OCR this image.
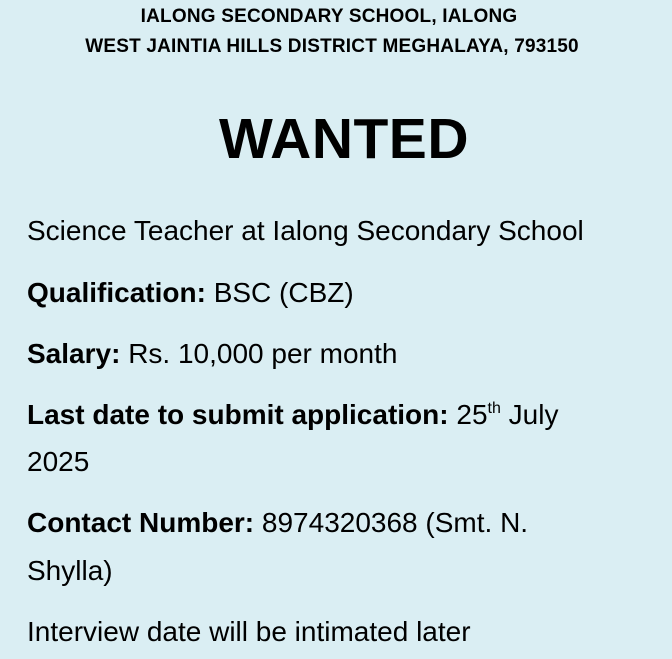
IALONG SECONDARY SCHOOL, IALONG
WEST JAINTIA HILLS DISTRICT MEGHALAYA, 793150
WANTED
Science Teacher at Ialong Secondary School
Qualification: BSC (CBZ)
Salary: Rs. 10,000 per month
Last date to submit application: 25th July
2025
Contact Number: 8974320368 (Smt. N.
Shylla)
Interview date will be intimated later
